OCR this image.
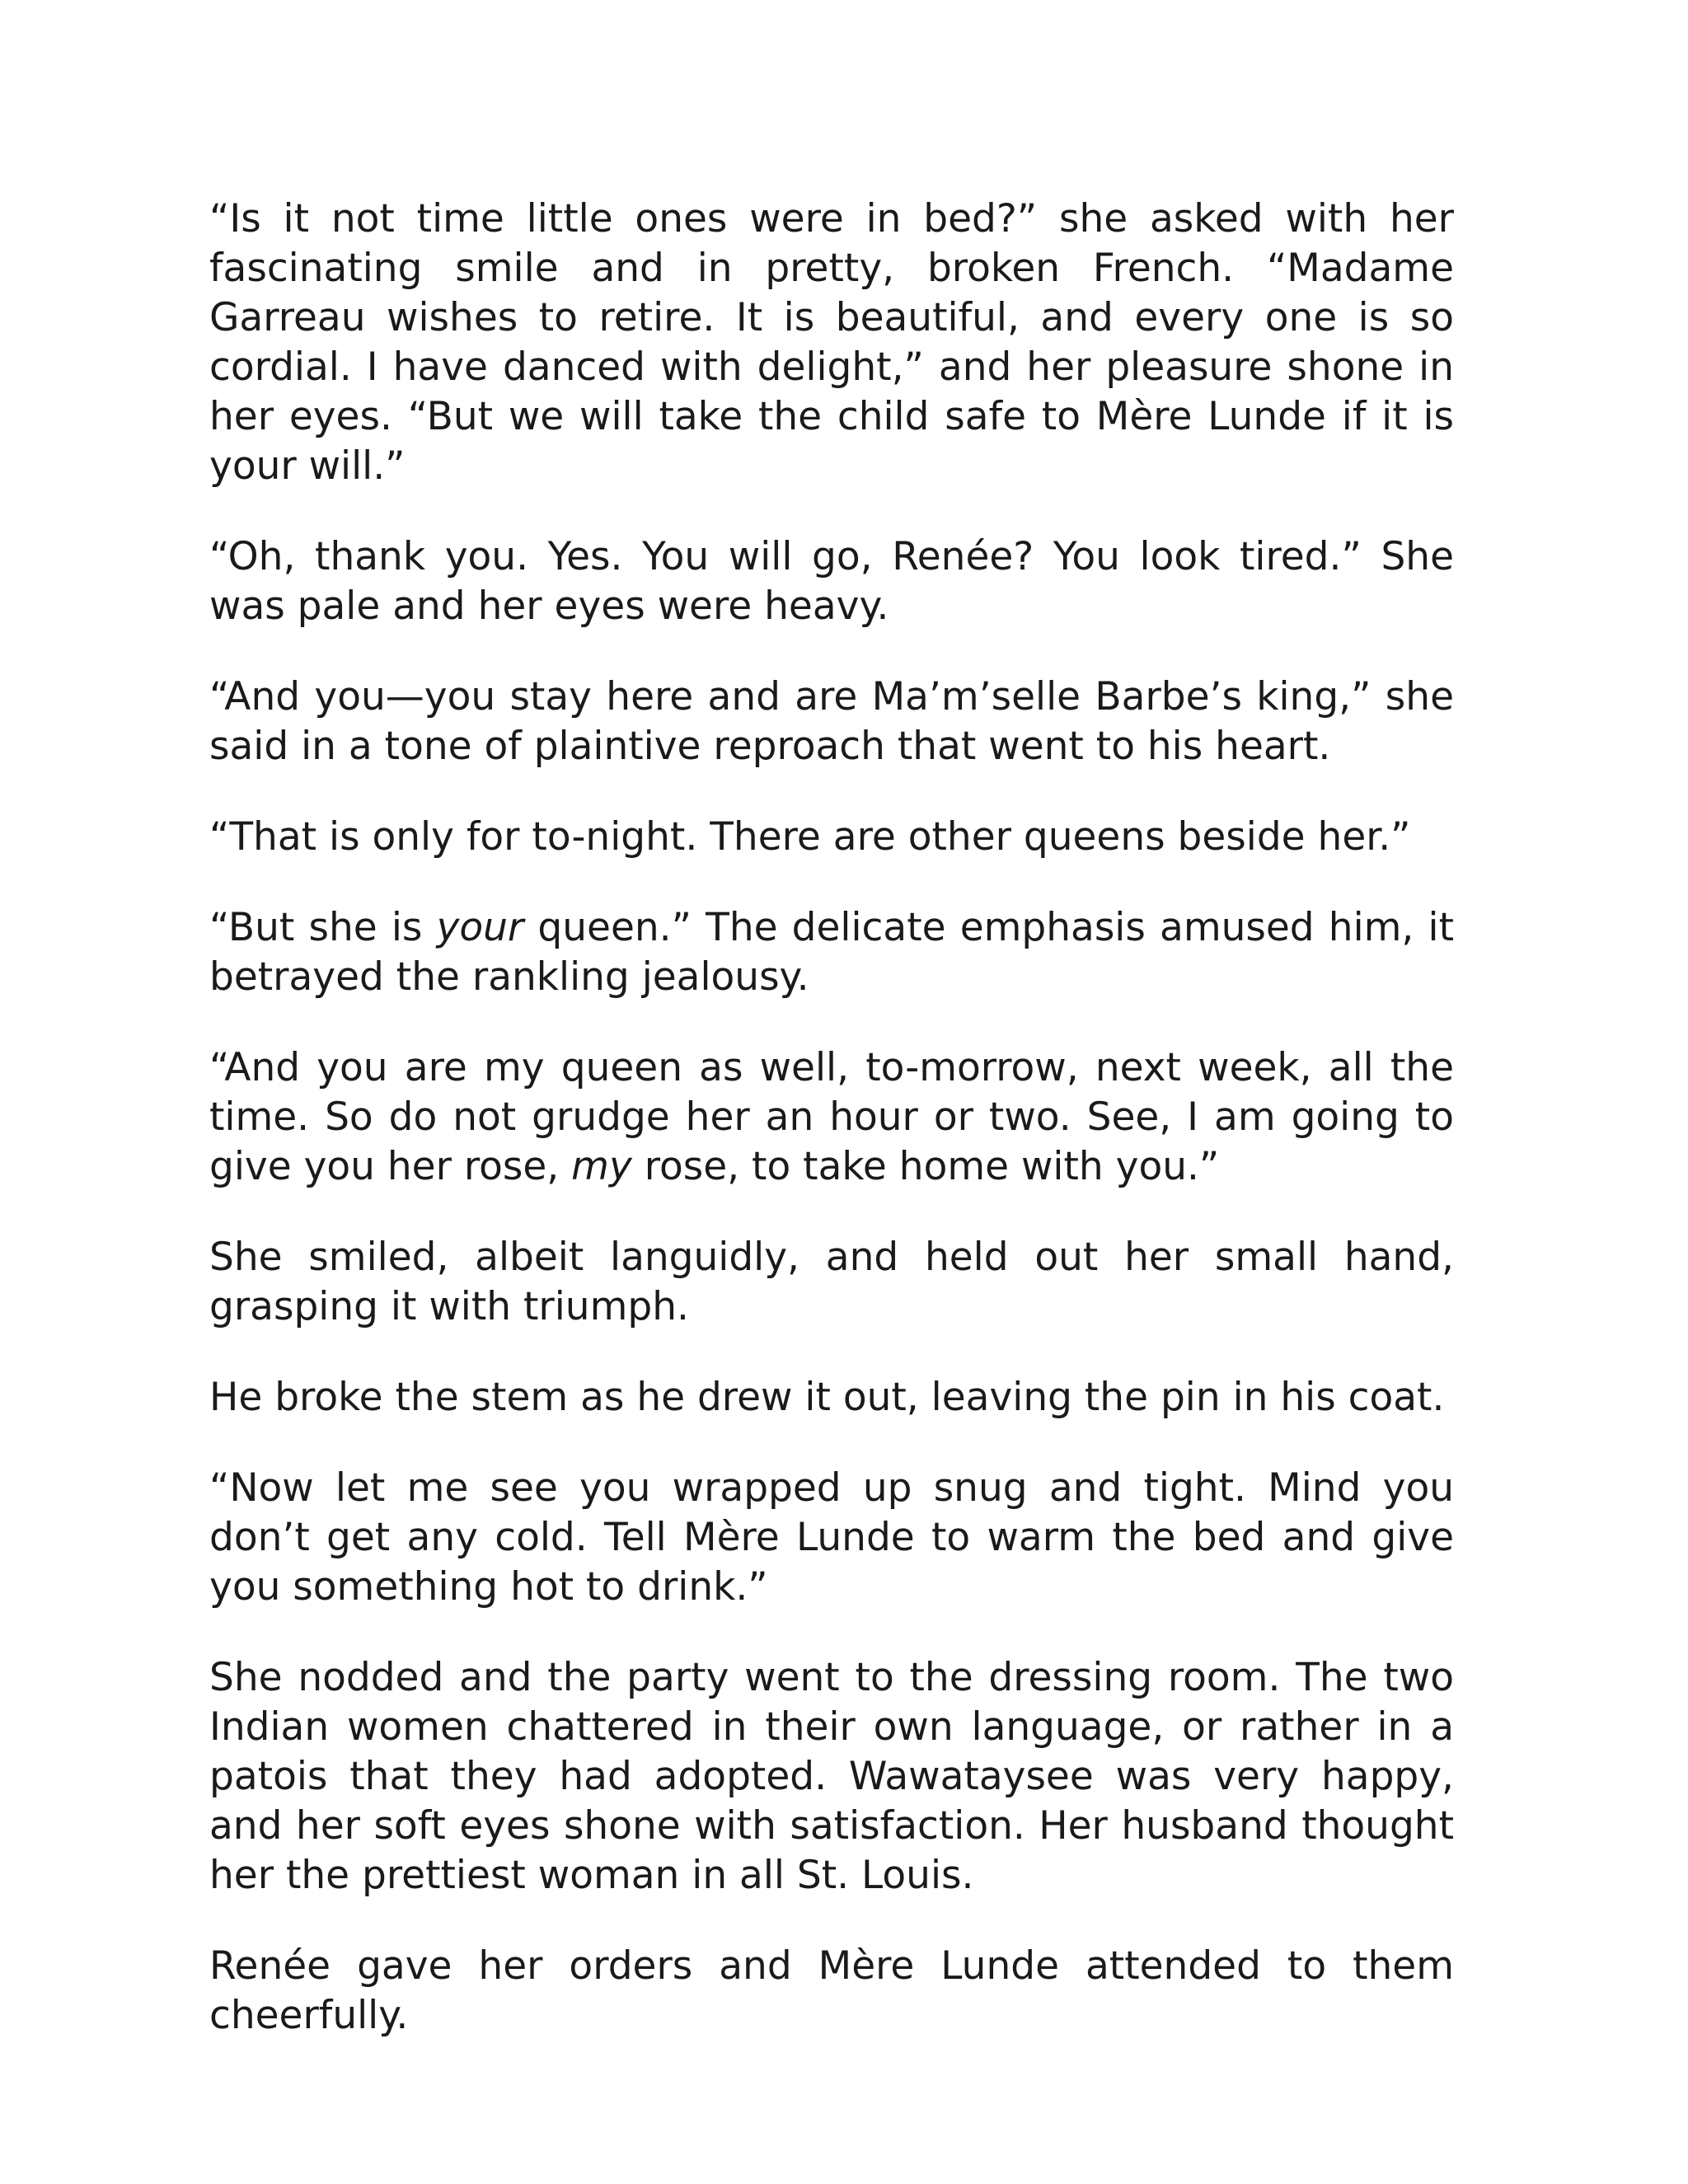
“Is it not time little ones were in bed?” she asked with her fascinating smile and in pretty, broken French. “Madame Garreau wishes to retire. It is beautiful, and every one is so cordial. I have danced with delight,” and her pleasure shone in her eyes. “But we will take the child safe to Mère Lunde if it is your will.”

“Oh, thank you. Yes. You will go, Renée? You look tired.” She was pale and her eyes were heavy.

“And you—you stay here and are Ma’m’selle Barbe’s king,” she said in a tone of plaintive reproach that went to his heart.

“That is only for to-night. There are other queens beside her.”

“But she is your queen.” The delicate emphasis amused him, it betrayed the rankling jealousy.

“And you are my queen as well, to-morrow, next week, all the time. So do not grudge her an hour or two. See, I am going to give you her rose, my rose, to take home with you.”

She smiled, albeit languidly, and held out her small hand, grasping it with triumph.

He broke the stem as he drew it out, leaving the pin in his coat.

“Now let me see you wrapped up snug and tight. Mind you don’t get any cold. Tell Mère Lunde to warm the bed and give you something hot to drink.”

She nodded and the party went to the dressing room. The two Indian women chattered in their own language, or rather in a patois that they had adopted. Wawataysee was very happy, and her soft eyes shone with satisfaction. Her husband thought her the prettiest woman in all St. Louis.

Renée gave her orders and Mère Lunde attended to them cheerfully.
